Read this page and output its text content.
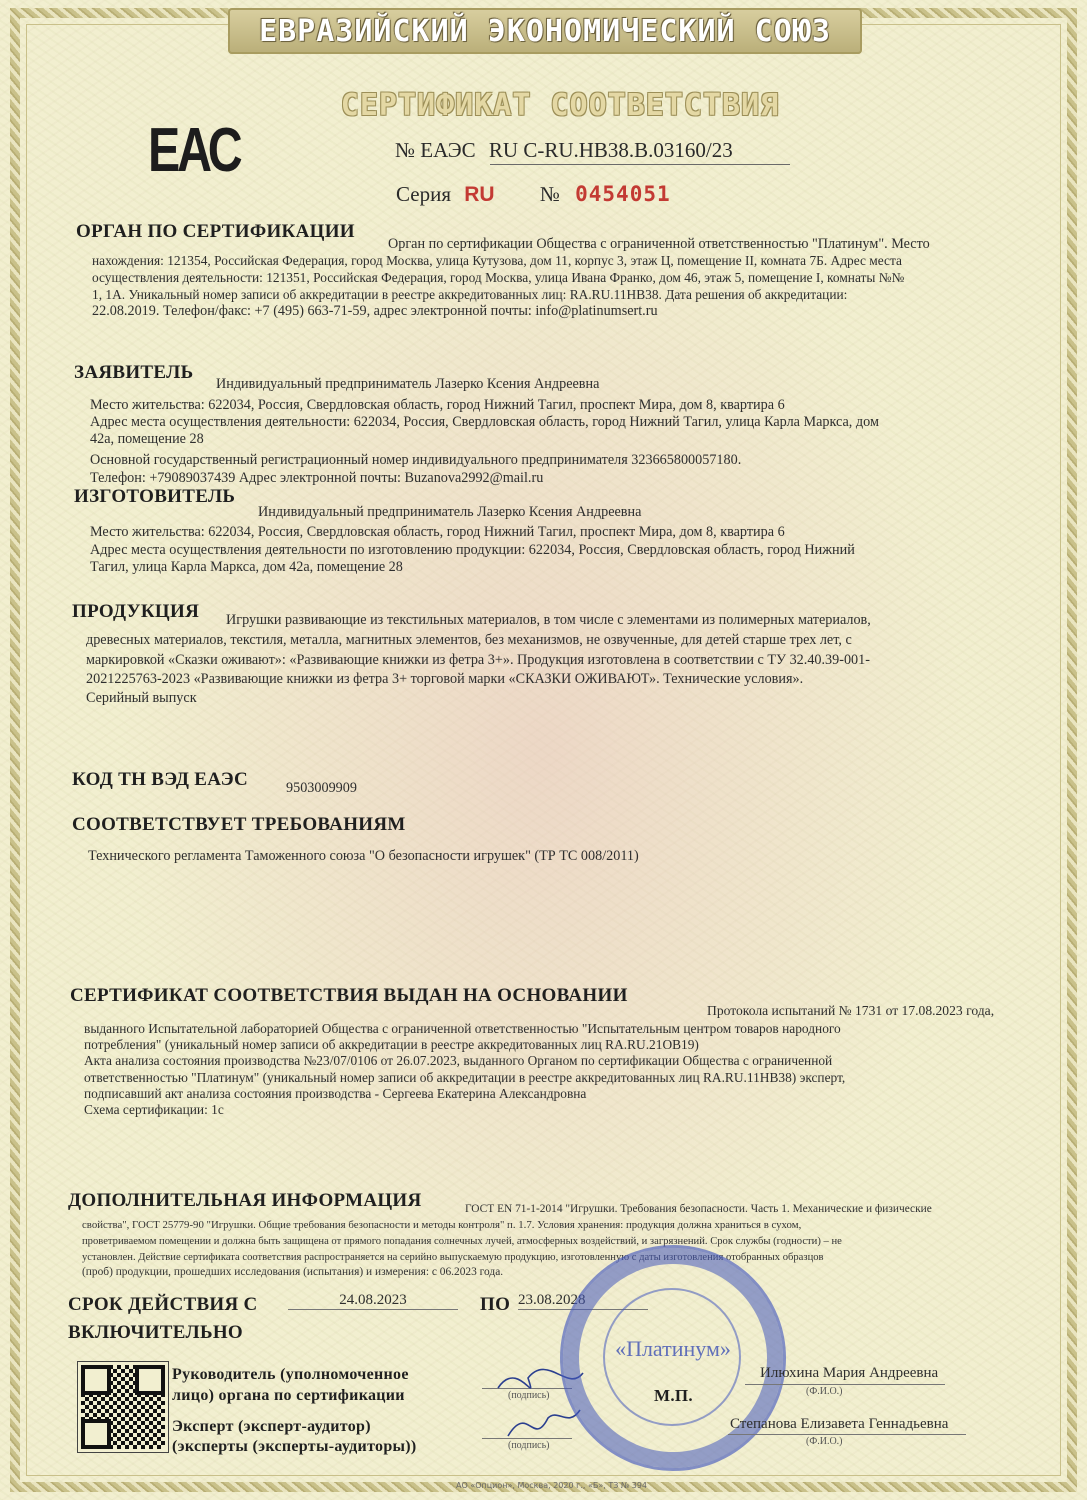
ЕВРАЗИЙСКИЙ ЭКОНОМИЧЕСКИЙ СОЮЗ
СЕРТИФИКАТ СООТВЕТСТВИЯ
ЕАС	№ ЕАЭС RU C-RU.HB38.B.03160/23
Серия RU № 0454051
ОРГАН ПО СЕРТИФИКАЦИИ
Орган по сертификации Общества с ограниченной ответственностью "Платинум". Место
нахождения: 121354, Российская Федерация, город Москва, улица Кутузова, дом 11, корпус 3, этаж Ц, помещение II, комната 7Б. Адрес места
осуществления деятельности: 121351, Российская Федерация, город Москва, улица Ивана Франко, дом 46, этаж 5, помещение I, комнаты №№
1, 1А. Уникальный номер записи об аккредитации в реестре аккредитованных лиц: RA.RU.11HB38. Дата решения об аккредитации:
22.08.2019. Телефон/факс: +7 (495) 663-71-59, адрес электронной почты: info@platinumsert.ru
ЗАЯВИТЕЛЬ
Индивидуальный предприниматель Лазерко Ксения Андреевна
Место жительства: 622034, Россия, Свердловская область, город Нижний Тагил, проспект Мира, дом 8, квартира 6
Адрес места осуществления деятельности: 622034, Россия, Свердловская область, город Нижний Тагил, улица Карла Маркса, дом
42а, помещение 28
Основной государственный регистрационный номер индивидуального предпринимателя 323665800057180.
Телефон: +79089037439 Адрес электронной почты: Buzanova2992@mail.ru
ИЗГОТОВИТЕЛЬ
Индивидуальный предприниматель Лазерко Ксения Андреевна
Место жительства: 622034, Россия, Свердловская область, город Нижний Тагил, проспект Мира, дом 8, квартира 6
Адрес места осуществления деятельности по изготовлению продукции: 622034, Россия, Свердловская область, город Нижний
Тагил, улица Карла Маркса, дом 42а, помещение 28
ПРОДУКЦИЯ Игрушки развивающие из текстильных материалов, в том числе с элементами из полимерных материалов,
древесных материалов, текстиля, металла, магнитных элементов, без механизмов, не озвученные, для детей старше трех лет, с
маркировкой «Сказки оживают»: «Развивающие книжки из фетра 3+». Продукция изготовлена в соответствии с ТУ 32.40.39-001-
2021225763-2023 «Развивающие книжки из фетра 3+ торговой марки «СКАЗКИ ОЖИВАЮТ». Технические условия».
Серийный выпуск
КОД ТН ВЭД ЕАЭС	9503009909
СООТВЕТСТВУЕТ ТРЕБОВАНИЯМ
Технического регламента Таможенного союза "О безопасности игрушек" (ТР ТС 008/2011)
СЕРТИФИКАТ СООТВЕТСТВИЯ ВЫДАН НА ОСНОВАНИИ
Протокола испытаний № 1731 от 17.08.2023 года,
выданного Испытательной лабораторией Общества с ограниченной ответственностью "Испытательным центром товаров народного
потребления" (уникальный номер записи об аккредитации в реестре аккредитованных лиц RA.RU.21OB19)
Акта анализа состояния производства №23/07/0106 от 26.07.2023, выданного Органом по сертификации Общества с ограниченной
ответственностью "Платинум" (уникальный номер записи об аккредитации в реестре аккредитованных лиц RA.RU.11HB38) эксперт,
подписавший акт анализа состояния производства - Сергеева Екатерина Александровна
Схема сертификации: 1с
ДОПОЛНИТЕЛЬНАЯ ИНФОРМАЦИЯ	ГОСТ EN 71-1-2014 "Игрушки. Требования безопасности. Часть 1. Механические и физические
свойства", ГОСТ 25779-90 "Игрушки. Общие требования безопасности и методы контроля" п. 1.7. Условия хранения: продукция должна храниться в сухом,
проветриваемом помещении и должна быть защищена от прямого попадания солнечных лучей, атмосферных воздействий, и загрязнений. Срок службы (годности) – не
установлен. Действие сертификата соответствия распространяется на серийно выпускаемую продукцию, изготовленную с даты изготовления отобранных образцов
(проб) продукции, прошедших исследования (испытания) и измерения: с 06.2023 года.
СРОК ДЕЙСТВИЯ С	24.08.2023	ПО 23.08.2028
ВКЛЮЧИТЕЛЬНО
Руководитель (уполномоченное
лицо) органа по сертификации
Эксперт (эксперт-аудитор)
(эксперты (эксперты-аудиторы))
(подпись)
(подпись)
«Платинум»
М.П.
Илюхина Мария Андреевна
(Ф.И.О.)
Степанова Елизавета Геннадьевна
(Ф.И.О.)
АО «Опцион», Москва, 2020 г., «Б», ТЗ № 394
